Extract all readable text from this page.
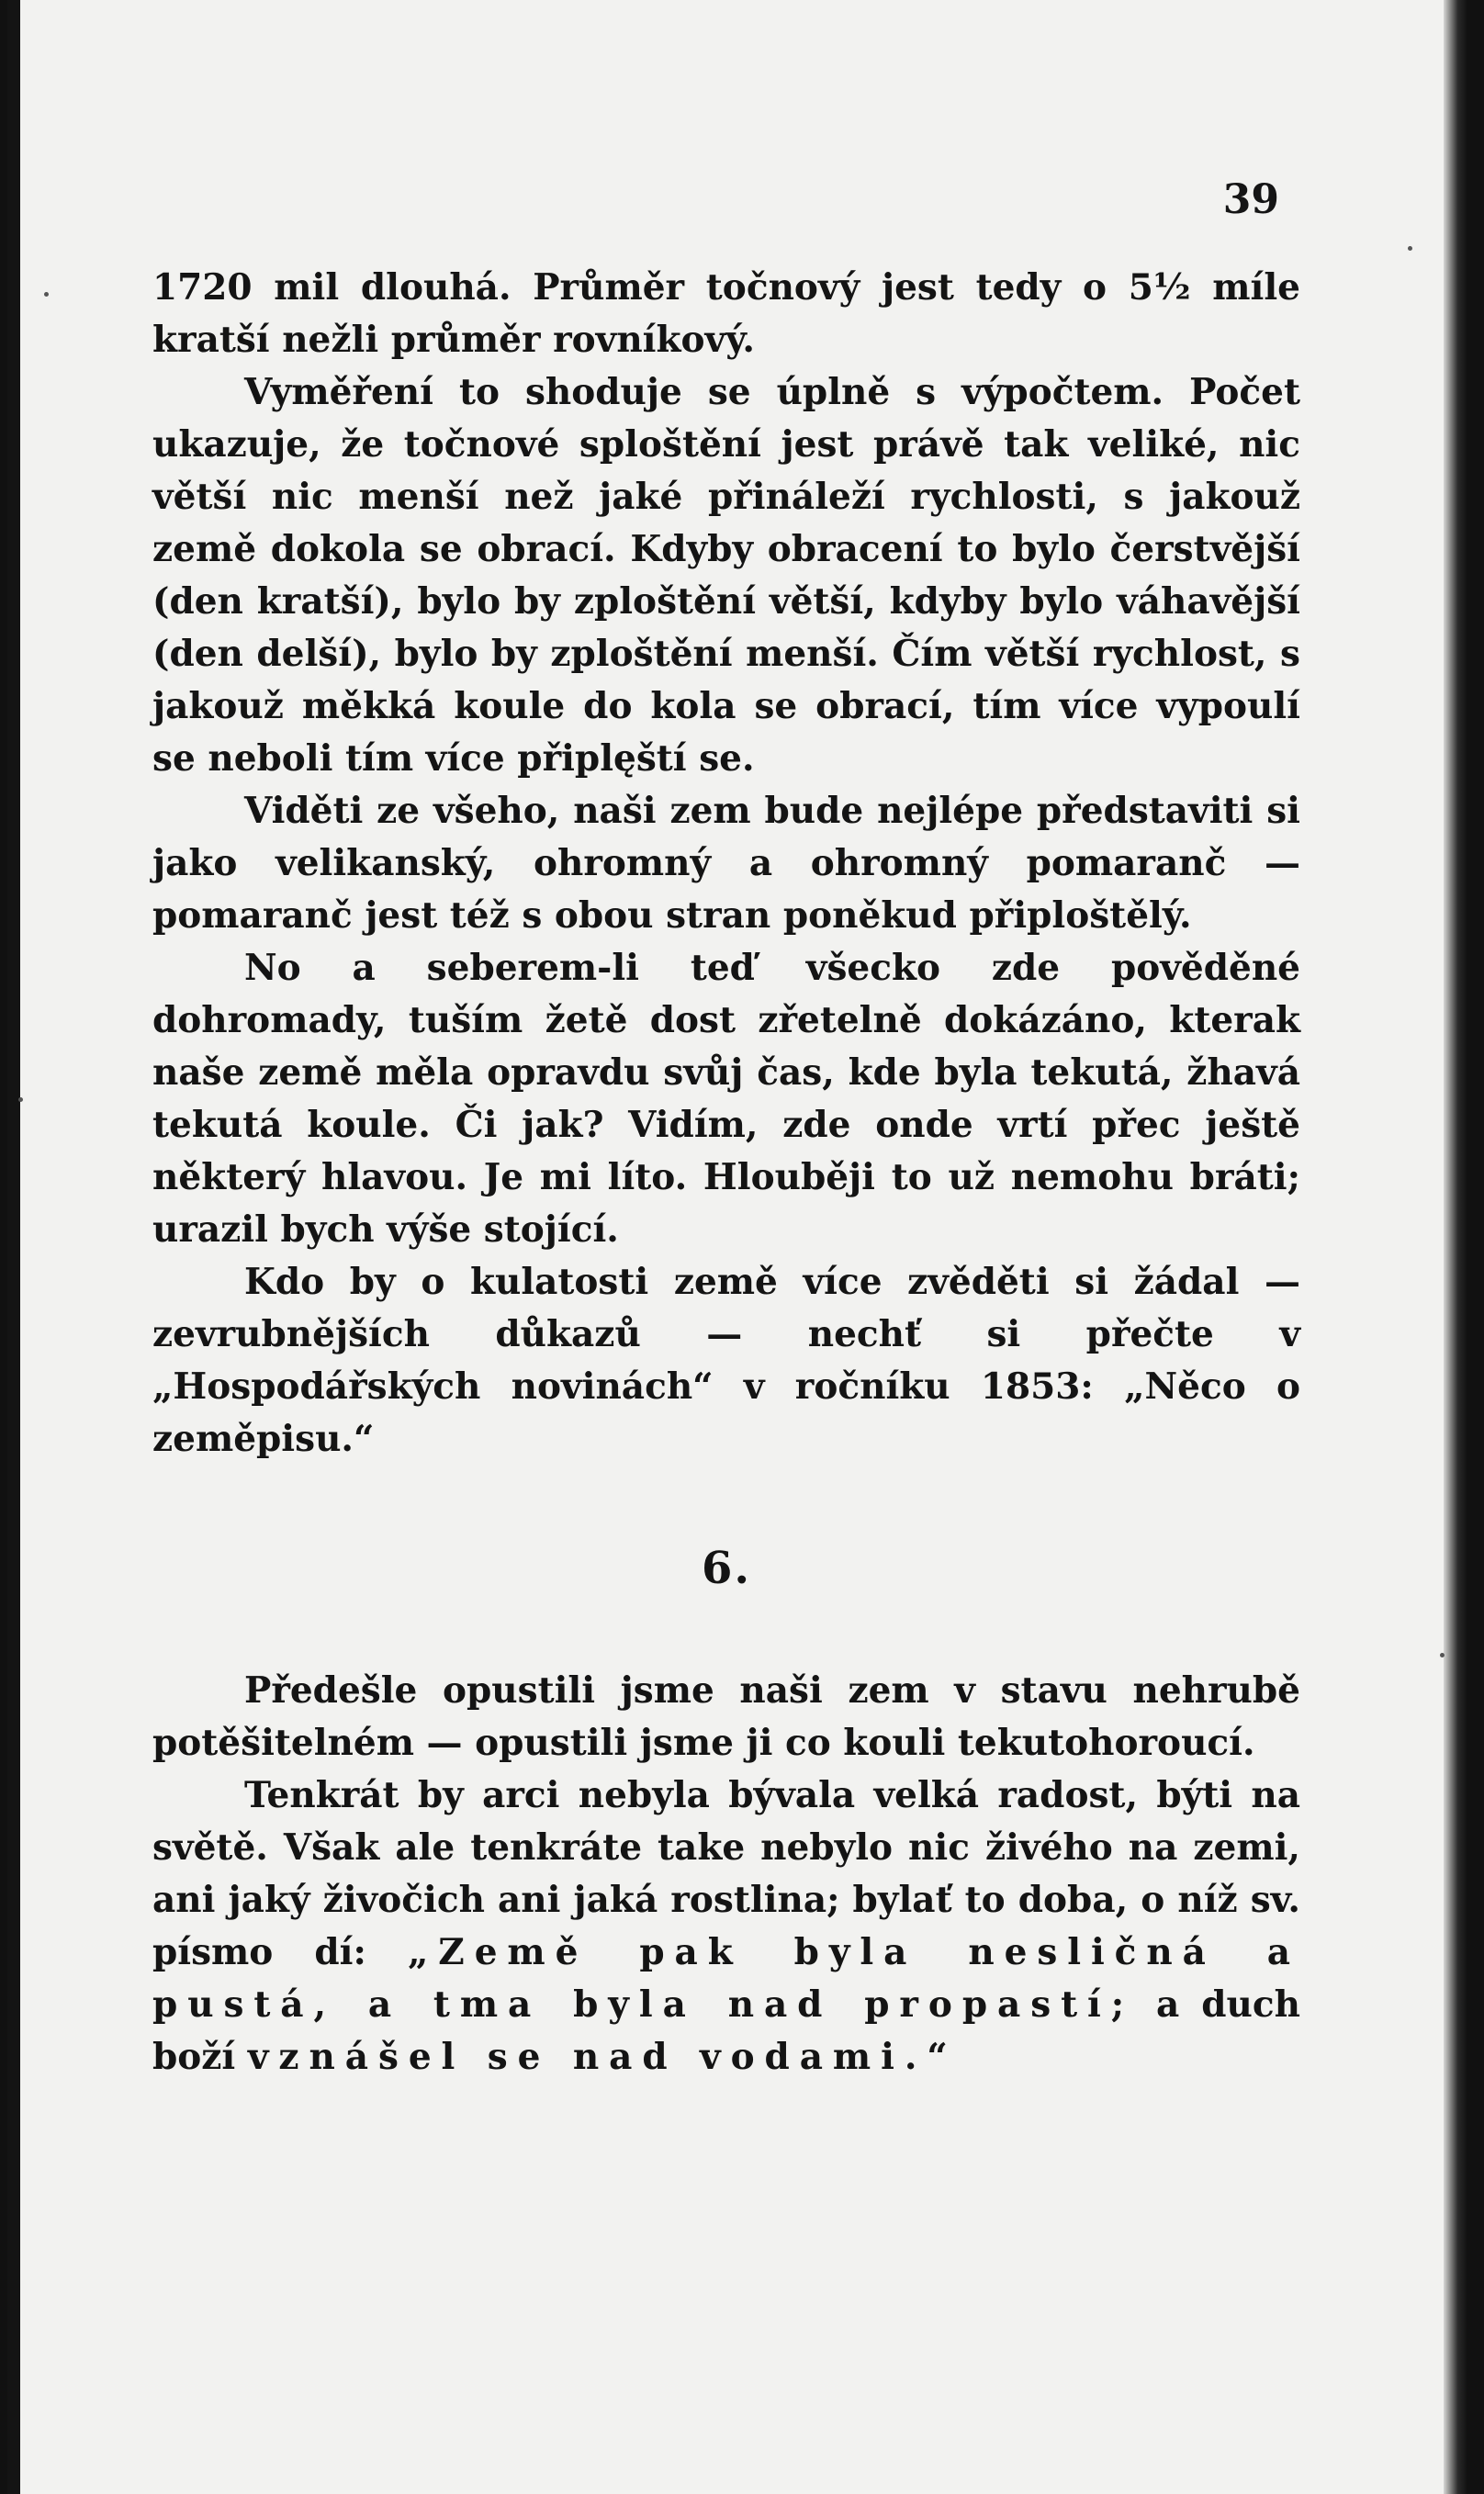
39

1720 mil dlouhá. Průměr točnový jest tedy o 5½ míle kratší nežli průměr rovníkový.

Vyměření to shoduje se úplně s výpočtem. Počet ukazuje, že točnové sploštění jest právě tak veliké, nic větší nic menší než jaké přináleží rychlosti, s jakouž země dokola se obrací. Kdyby obracení to bylo čerstvější (den kratší), bylo by zploštění větší, kdyby bylo váhavější (den delší), bylo by zploštění menší. Čím větší rychlost, s jakouž měkká koule do kola se obrací, tím více vypoulí se neboli tím více připlęští se.

Viděti ze všeho, naši zem bude nejlépe představiti si jako velikanský, ohromný a ohromný pomaranč — pomaranč jest též s obou stran poněkud připloštělý.

No a seberem-li teď všecko zde pověděné dohromady, tuším žetě dost zřetelně dokázáno, kterak naše země měla opravdu svůj čas, kde byla tekutá, žhavá tekutá koule. Či jak? Vidím, zde onde vrtí přec ještě některý hlavou. Je mi líto. Hlouběji to už nemohu bráti; urazil bych výše stojící.

Kdo by o kulatosti země více zvěděti si žádal — zevrubnějších důkazů — nechť si přečte v „Hospodářských novinách“ v ročníku 1853: „Něco o zeměpisu.“

6.

Předešle opustili jsme naši zem v stavu nehrubě potěšitelném — opustili jsme ji co kouli tekutohoroucí.

Tenkrát by arci nebyla bývala velká radost, býti na světě. Však ale tenkráte take nebylo nic živého na zemi, ani jaký živočich ani jaká rostlina; bylať to doba, o níž sv. písmo dí: „Země pak byla nesličná a pustá, a tma byla nad propastí; a duch boží vznášel se nad vodami.“
